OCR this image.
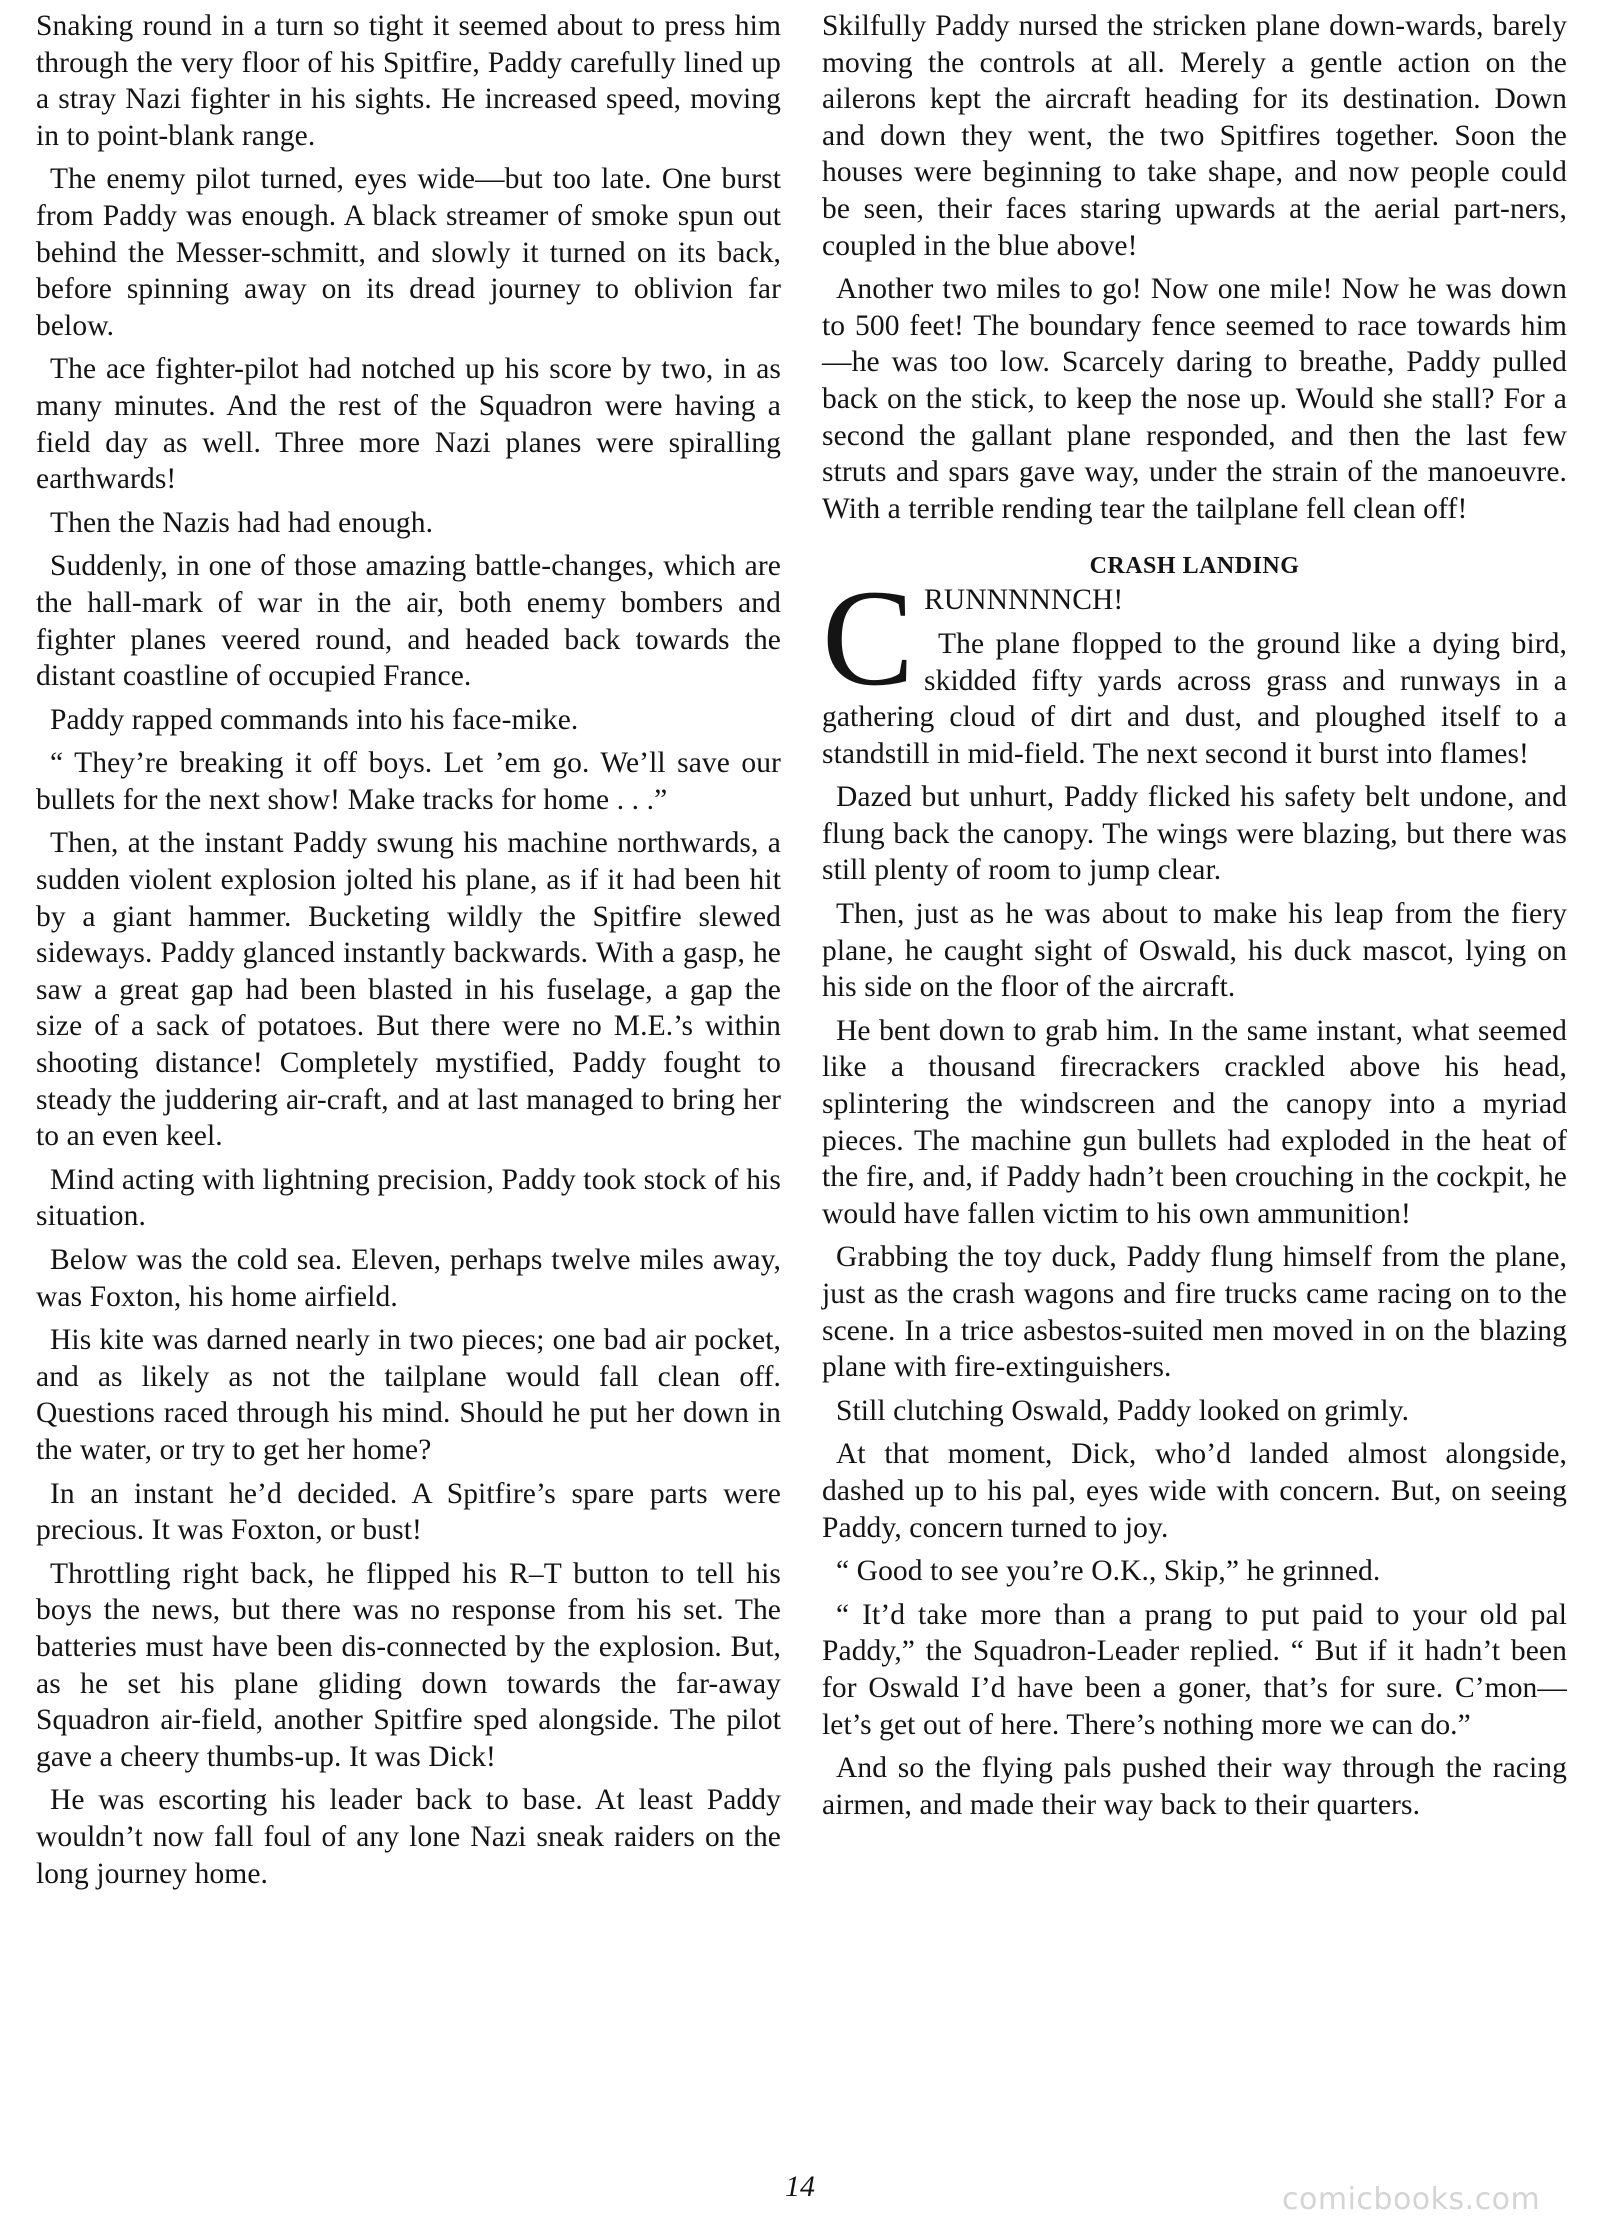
Snaking round in a turn so tight it seemed about to press him through the very floor of his Spitfire, Paddy carefully lined up a stray Nazi fighter in his sights. He increased speed, moving in to point-blank range.

The enemy pilot turned, eyes wide—but too late. One burst from Paddy was enough. A black streamer of smoke spun out behind the Messer-schmitt, and slowly it turned on its back, before spinning away on its dread journey to oblivion far below.

The ace fighter-pilot had notched up his score by two, in as many minutes. And the rest of the Squadron were having a field day as well. Three more Nazi planes were spiralling earthwards!

Then the Nazis had had enough.

Suddenly, in one of those amazing battle-changes, which are the hall-mark of war in the air, both enemy bombers and fighter planes veered round, and headed back towards the distant coastline of occupied France.

Paddy rapped commands into his face-mike.

“ They’re breaking it off boys. Let ’em go. We’ll save our bullets for the next show! Make tracks for home . . .”

Then, at the instant Paddy swung his machine northwards, a sudden violent explosion jolted his plane, as if it had been hit by a giant hammer. Bucketing wildly the Spitfire slewed sideways. Paddy glanced instantly backwards. With a gasp, he saw a great gap had been blasted in his fuselage, a gap the size of a sack of potatoes. But there were no M.E.’s within shooting distance! Completely mystified, Paddy fought to steady the juddering air-craft, and at last managed to bring her to an even keel.

Mind acting with lightning precision, Paddy took stock of his situation.

Below was the cold sea. Eleven, perhaps twelve miles away, was Foxton, his home airfield.

His kite was darned nearly in two pieces; one bad air pocket, and as likely as not the tailplane would fall clean off. Questions raced through his mind. Should he put her down in the water, or try to get her home?

In an instant he’d decided. A Spitfire’s spare parts were precious. It was Foxton, or bust!

Throttling right back, he flipped his R–T button to tell his boys the news, but there was no response from his set. The batteries must have been dis-connected by the explosion. But, as he set his plane gliding down towards the far-away Squadron air-field, another Spitfire sped alongside. The pilot gave a cheery thumbs-up. It was Dick!

He was escorting his leader back to base. At least Paddy wouldn’t now fall foul of any lone Nazi sneak raiders on the long journey home.

Skilfully Paddy nursed the stricken plane down-wards, barely moving the controls at all. Merely a gentle action on the ailerons kept the aircraft heading for its destination. Down and down they went, the two Spitfires together. Soon the houses were beginning to take shape, and now people could be seen, their faces staring upwards at the aerial part-ners, coupled in the blue above!

Another two miles to go! Now one mile! Now he was down to 500 feet! The boundary fence seemed to race towards him—he was too low. Scarcely daring to breathe, Paddy pulled back on the stick, to keep the nose up. Would she stall? For a second the gallant plane responded, and then the last few struts and spars gave way, under the strain of the manoeuvre. With a terrible rending tear the tailplane fell clean off!

CRASH LANDING
C RUNNNNNCH!

The plane flopped to the ground like a dying bird, skidded fifty yards across grass and runways in a gathering cloud of dirt and dust, and ploughed itself to a standstill in mid-field. The next second it burst into flames!

Dazed but unhurt, Paddy flicked his safety belt undone, and flung back the canopy. The wings were blazing, but there was still plenty of room to jump clear.

Then, just as he was about to make his leap from the fiery plane, he caught sight of Oswald, his duck mascot, lying on his side on the floor of the aircraft.

He bent down to grab him. In the same instant, what seemed like a thousand firecrackers crackled above his head, splintering the windscreen and the canopy into a myriad pieces. The machine gun bullets had exploded in the heat of the fire, and, if Paddy hadn’t been crouching in the cockpit, he would have fallen victim to his own ammunition!

Grabbing the toy duck, Paddy flung himself from the plane, just as the crash wagons and fire trucks came racing on to the scene. In a trice asbestos-suited men moved in on the blazing plane with fire-extinguishers.

Still clutching Oswald, Paddy looked on grimly.

At that moment, Dick, who’d landed almost alongside, dashed up to his pal, eyes wide with concern. But, on seeing Paddy, concern turned to joy.

“ Good to see you’re O.K., Skip,” he grinned.

“ It’d take more than a prang to put paid to your old pal Paddy,” the Squadron-Leader replied. “ But if it hadn’t been for Oswald I’d have been a goner, that’s for sure. C’mon—let’s get out of here. There’s nothing more we can do.”

And so the flying pals pushed their way through the racing airmen, and made their way back to their quarters.

14	comicbooks.com
